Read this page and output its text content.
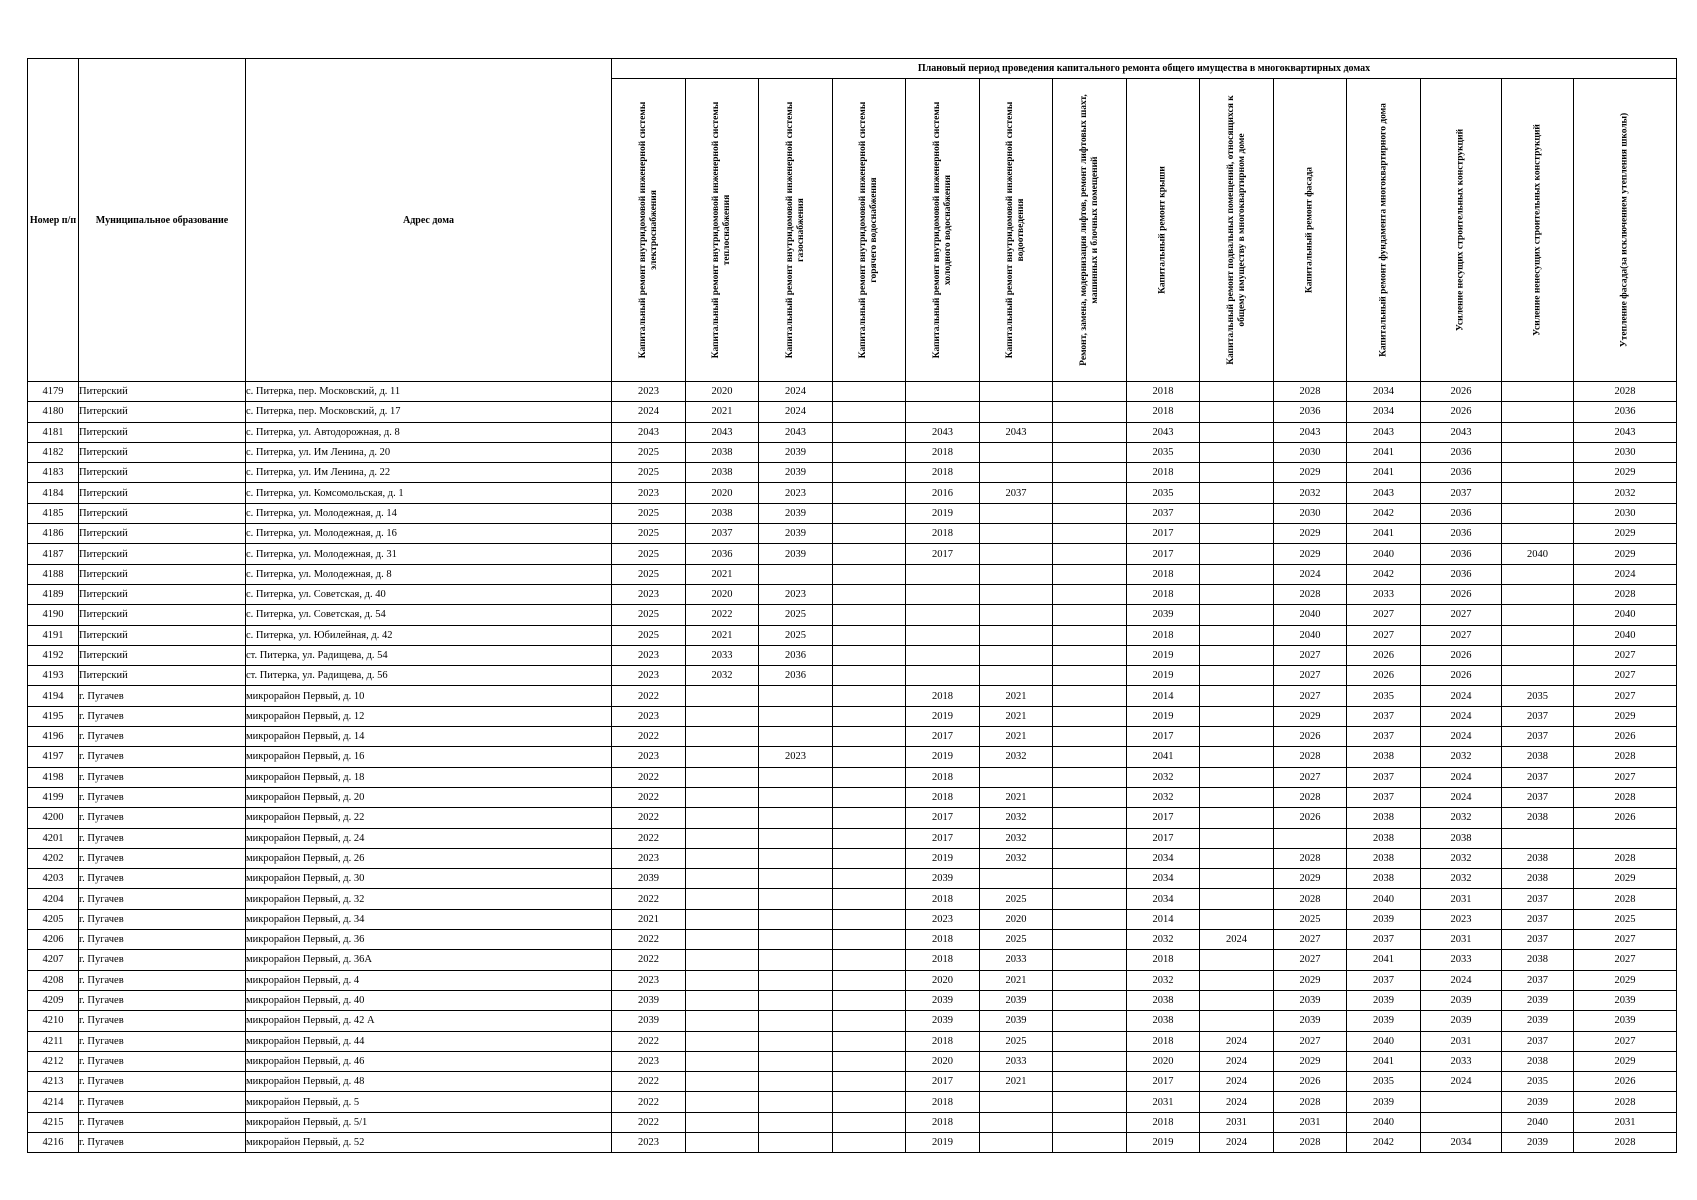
Номер п/п	Муниципальное образование	Адрес дома	Плановый период проведения капитального ремонта общего имущества в многоквартирных домах													

			Капитальный ремонт внутридомовой инженерной системы электроснабжения	Капитальный ремонт внутридомовой инженерной системы теплоснабжения	Капитальный ремонт внутридомовой инженерной системы газоснабжения	Капитальный ремонт внутридомовой инженерной системы горячего водоснабжения	Капитальный ремонт внутридомовой инженерной системы холодного водоснабжения	Капитальный ремонт внутридомовой инженерной системы водоотведения	Ремонт, замена, модернизация лифтов, ремонт лифтовых шахт, машинных и блочных помещений	Капитальный ремонт крыши	Капитальный ремонт подвальных помещений, относящихся к общему имуществу в многоквартирном доме	Капитальный ремонт фасада	Капитальный ремонт фундамента многоквартирного дома	Усиление несущих строительных конструкций	Усиление ненесущих строительных конструкций	Утепление фасада(за исключением утепления школы)

4179	Питерский	с. Питерка, пер. Московский, д. 11	2023	2020	2024					2018		2028	2034	2026		2028
4180	Питерский	с. Питерка, пер. Московский, д. 17	2024	2021	2024					2018		2036	2034	2026		2036
4181	Питерский	с. Питерка, ул. Автодорожная, д. 8	2043	2043	2043		2043	2043		2043		2043	2043	2043		2043
4182	Питерский	с. Питерка, ул. Им Ленина, д. 20	2025	2038	2039		2018			2035		2030	2041	2036		2030
4183	Питерский	с. Питерка, ул. Им Ленина, д. 22	2025	2038	2039		2018			2018		2029	2041	2036		2029
4184	Питерский	с. Питерка, ул. Комсомольская, д. 1	2023	2020	2023		2016	2037		2035		2032	2043	2037		2032
4185	Питерский	с. Питерка, ул. Молодежная, д. 14	2025	2038	2039		2019			2037		2030	2042	2036		2030
4186	Питерский	с. Питерка, ул. Молодежная, д. 16	2025	2037	2039		2018			2017		2029	2041	2036		2029
4187	Питерский	с. Питерка, ул. Молодежная, д. 31	2025	2036	2039		2017			2017		2029	2040	2036	2040	2029
4188	Питерский	с. Питерка, ул. Молодежная, д. 8	2025	2021						2018		2024	2042	2036		2024
4189	Питерский	с. Питерка, ул. Советская, д. 40	2023	2020	2023					2018		2028	2033	2026		2028
4190	Питерский	с. Питерка, ул. Советская, д. 54	2025	2022	2025					2039		2040	2027	2027		2040
4191	Питерский	с. Питерка, ул. Юбилейная, д. 42	2025	2021	2025					2018		2040	2027	2027		2040
4192	Питерский	ст. Питерка, ул. Радищева, д. 54	2023	2033	2036					2019		2027	2026	2026		2027
4193	Питерский	ст. Питерка, ул. Радищева, д. 56	2023	2032	2036					2019		2027	2026	2026		2027
4194	г. Пугачев	микрорайон Первый, д. 10	2022				2018	2021		2014		2027	2035	2024	2035	2027
4195	г. Пугачев	микрорайон Первый, д. 12	2023				2019	2021		2019		2029	2037	2024	2037	2029
4196	г. Пугачев	микрорайон Первый, д. 14	2022				2017	2021		2017		2026	2037	2024	2037	2026
4197	г. Пугачев	микрорайон Первый, д. 16	2023		2023		2019	2032		2041		2028	2038	2032	2038	2028
4198	г. Пугачев	микрорайон Первый, д. 18	2022				2018			2032		2027	2037	2024	2037	2027
4199	г. Пугачев	микрорайон Первый, д. 20	2022				2018	2021		2032		2028	2037	2024	2037	2028
4200	г. Пугачев	микрорайон Первый, д. 22	2022				2017	2032		2017		2026	2038	2032	2038	2026
4201	г. Пугачев	микрорайон Первый, д. 24	2022				2017	2032		2017			2038	2038		
4202	г. Пугачев	микрорайон Первый, д. 26	2023				2019	2032		2034		2028	2038	2032	2038	2028
4203	г. Пугачев	микрорайон Первый, д. 30	2039				2039			2034		2029	2038	2032	2038	2029
4204	г. Пугачев	микрорайон Первый, д. 32	2022				2018	2025		2034		2028	2040	2031	2037	2028
4205	г. Пугачев	микрорайон Первый, д. 34	2021				2023	2020		2014		2025	2039	2023	2037	2025
4206	г. Пугачев	микрорайон Первый, д. 36	2022				2018	2025		2032	2024	2027	2037	2031	2037	2027
4207	г. Пугачев	микрорайон Первый, д. 36А	2022				2018	2033		2018		2027	2041	2033	2038	2027
4208	г. Пугачев	микрорайон Первый, д. 4	2023				2020	2021		2032		2029	2037	2024	2037	2029
4209	г. Пугачев	микрорайон Первый, д. 40	2039				2039	2039		2038		2039	2039	2039	2039	2039
4210	г. Пугачев	микрорайон Первый, д. 42 А	2039				2039	2039		2038		2039	2039	2039	2039	2039
4211	г. Пугачев	микрорайон Первый, д. 44	2022				2018	2025		2018	2024	2027	2040	2031	2037	2027
4212	г. Пугачев	микрорайон Первый, д. 46	2023				2020	2033		2020	2024	2029	2041	2033	2038	2029
4213	г. Пугачев	микрорайон Первый, д. 48	2022				2017	2021		2017	2024	2026	2035	2024	2035	2026
4214	г. Пугачев	микрорайон Первый, д. 5	2022				2018			2031	2024	2028	2039		2039	2028
4215	г. Пугачев	микрорайон Первый, д. 5/1	2022				2018			2018	2031	2031	2040		2040	2031
4216	г. Пугачев	микрорайон Первый, д. 52	2023				2019			2019	2024	2028	2042	2034	2039	2028
